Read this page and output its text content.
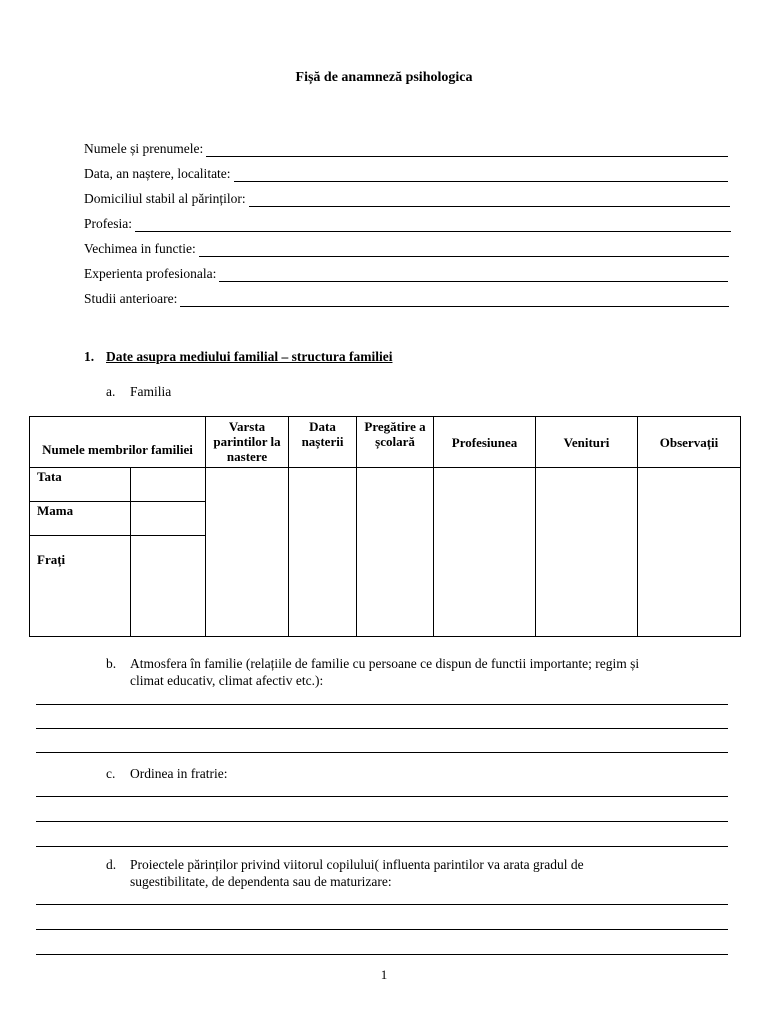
Fișă de anamneză psihologica
Numele și prenumele:
Data, an naștere, localitate:
Domiciliul stabil al părinților:
Profesia:
Vechimea in functie:
Experienta profesionala:
Studii anterioare:
1. Date asupra mediului familial – structura familiei
a. Familia
Numele membrilor familiei		Varsta parintilor la nastere	Data nașterii	Pregătire a școlară	Profesiunea	Venituri	Observații
Tata							
Mama							
Frați							
b. Atmosfera în familie (relațiile de familie cu persoane ce dispun de functii importante; regim și
climat educativ, climat afectiv etc.):
c. Ordinea in fratrie:
d. Proiectele părinților privind viitorul copilului( influenta parintilor va arata gradul de
sugestibilitate, de dependenta sau de maturizare:
1
